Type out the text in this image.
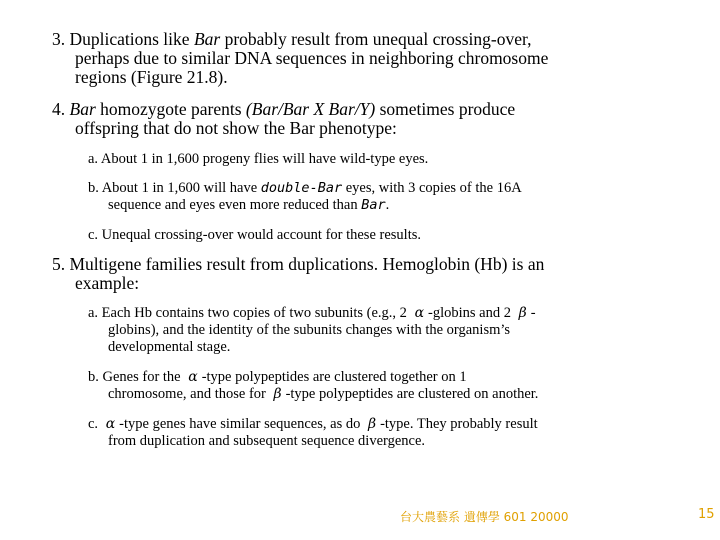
3. Duplications like Bar probably result from unequal crossing-over,
perhaps due to similar DNA sequences in neighboring chromosome
regions (Figure 21.8).
4. Bar homozygote parents (Bar/Bar X Bar/Y) sometimes produce
offspring that do not show the Bar phenotype:
a. About 1 in 1,600 progeny flies will have wild-type eyes.
b. About 1 in 1,600 will have double-Bar eyes, with 3 copies of the 16A
sequence and eyes even more reduced than Bar.
c. Unequal crossing-over would account for these results.
5. Multigene families result from duplications. Hemoglobin (Hb) is an
example:
a. Each Hb contains two copies of two subunits (e.g., 2 α -globins and 2 β -
globins), and the identity of the subunits changes with the organism’s
developmental stage.
b. Genes for the α -type polypeptides are clustered together on 1
chromosome, and those for β -type polypeptides are clustered on another.
c. α -type genes have similar sequences, as do β -type. They probably result
from duplication and subsequent sequence divergence.
台大農藝系 遺傳學 601 20000	15
